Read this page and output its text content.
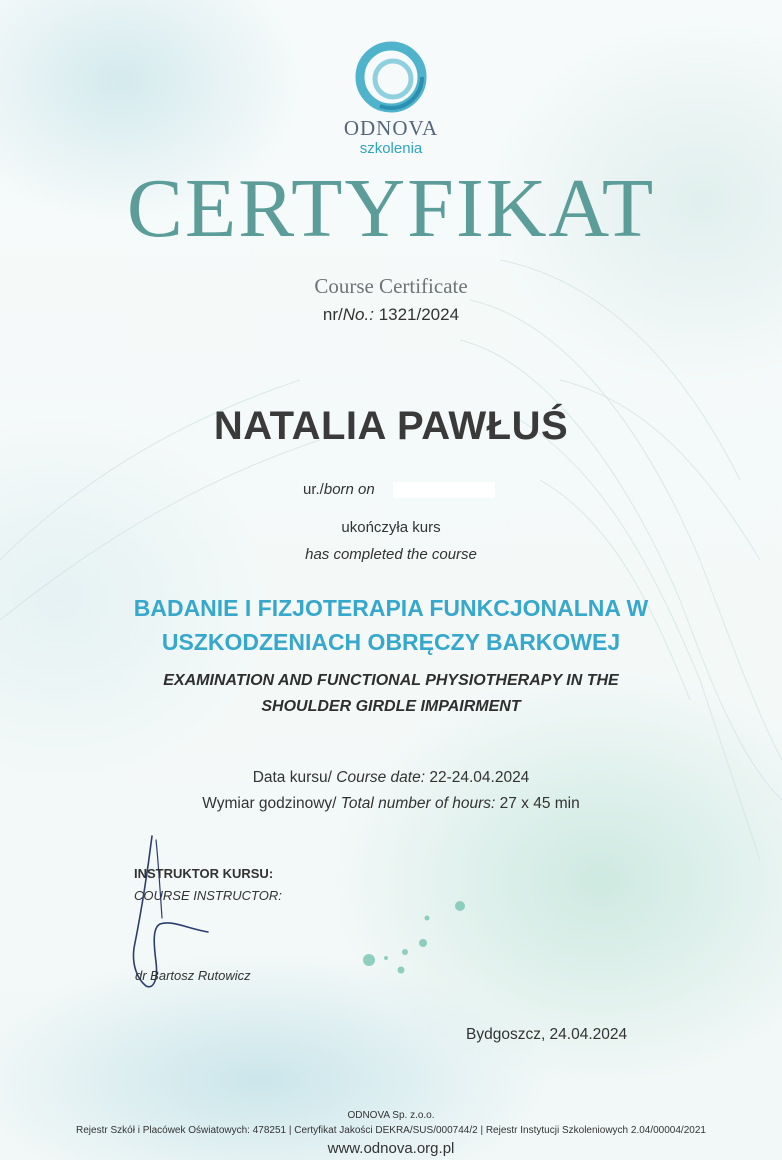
ODNOVA
szkolenia
CERTYFIKAT
Course Certificate
nr/No.: 1321/2024
NATALIA PAWŁUŚ
ur./born on
ukończyła kurs
has completed the course
BADANIE I FIZJOTERAPIA FUNKCJONALNA W
USZKODZENIACH OBRĘCZY BARKOWEJ
EXAMINATION AND FUNCTIONAL PHYSIOTHERAPY IN THE
SHOULDER GIRDLE IMPAIRMENT
Data kursu/ Course date: 22-24.04.2024
Wymiar godzinowy/ Total number of hours: 27 x 45 min
INSTRUKTOR KURSU:
COURSE INSTRUCTOR:
dr Bartosz Rutowicz
Bydgoszcz, 24.04.2024
ODNOVA Sp. z.o.o.
Rejestr Szkół i Placówek Oświatowych: 478251 | Certyfikat Jakości DEKRA/SUS/000744/2 | Rejestr Instytucji Szkoleniowych 2.04/00004/2021
www.odnova.org.pl
